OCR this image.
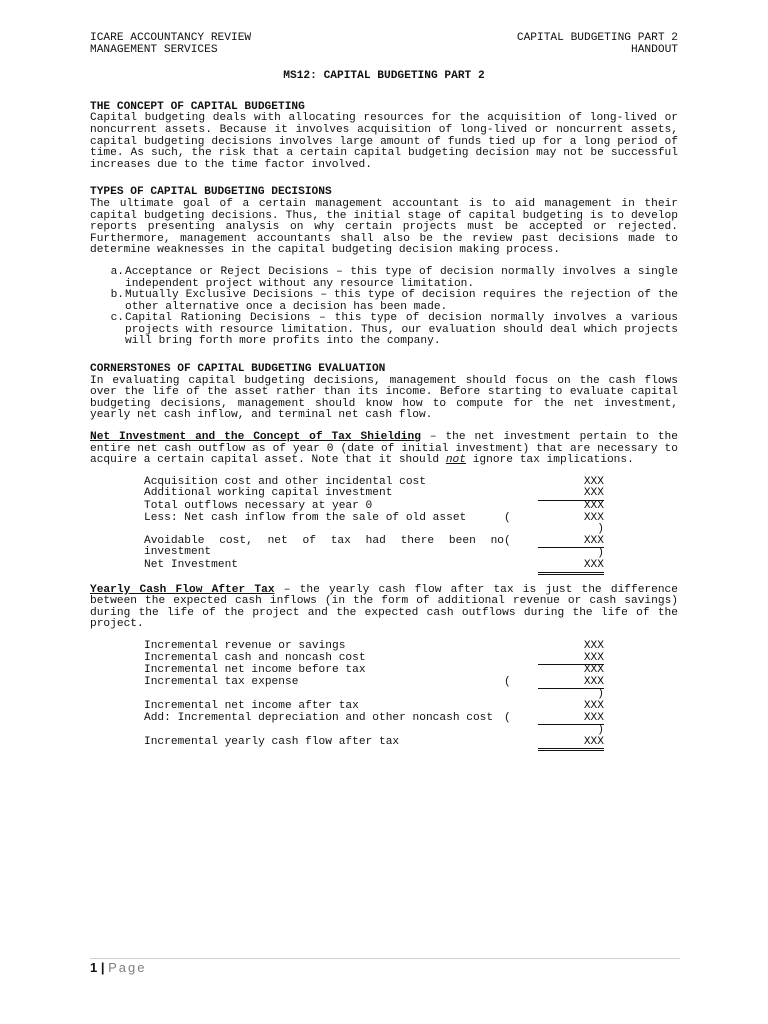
ICARE ACCOUNTANCY REVIEW
MANAGEMENT SERVICES
CAPITAL BUDGETING PART 2
HANDOUT
MS12: CAPITAL BUDGETING PART 2
THE CONCEPT OF CAPITAL BUDGETING
Capital budgeting deals with allocating resources for the acquisition of long-lived or noncurrent assets. Because it involves acquisition of long-lived or noncurrent assets, capital budgeting decisions involves large amount of funds tied up for a long period of time. As such, the risk that a certain capital budgeting decision may not be successful increases due to the time factor involved.
TYPES OF CAPITAL BUDGETING DECISIONS
The ultimate goal of a certain management accountant is to aid management in their capital budgeting decisions. Thus, the initial stage of capital budgeting is to develop reports presenting analysis on why certain projects must be accepted or rejected. Furthermore, management accountants shall also be the review past decisions made to determine weaknesses in the capital budgeting decision making process.
a. Acceptance or Reject Decisions – this type of decision normally involves a single independent project without any resource limitation.
b. Mutually Exclusive Decisions – this type of decision requires the rejection of the other alternative once a decision has been made.
c. Capital Rationing Decisions – this type of decision normally involves a various projects with resource limitation. Thus, our evaluation should deal which projects will bring forth more profits into the company.
CORNERSTONES OF CAPITAL BUDGETING EVALUATION
In evaluating capital budgeting decisions, management should focus on the cash flows over the life of the asset rather than its income. Before starting to evaluate capital budgeting decisions, management should know how to compute for the net investment, yearly net cash inflow, and terminal net cash flow.
Net Investment and the Concept of Tax Shielding – the net investment pertain to the entire net cash outflow as of year 0 (date of initial investment) that are necessary to acquire a certain capital asset. Note that it should not ignore tax implications.
Acquisition cost and other incidental cost		XXX
Additional working capital investment		XXX
Total outflows necessary at year 0		XXX
Less: Net cash inflow from the sale of old asset	(	XXX)
Avoidable cost, net of tax had there been no investment	(	XXX)
Net Investment		XXX
Yearly Cash Flow After Tax – the yearly cash flow after tax is just the difference between the expected cash inflows (in the form of additional revenue or cash savings) during the life of the project and the expected cash outflows during the life of the project.
Incremental revenue or savings		XXX
Incremental cash and noncash cost		XXX
Incremental net income before tax		XXX
Incremental tax expense	(	XXX)
Incremental net income after tax		XXX
Add: Incremental depreciation and other noncash cost	(	XXX)
Incremental yearly cash flow after tax		XXX
1 | Page
